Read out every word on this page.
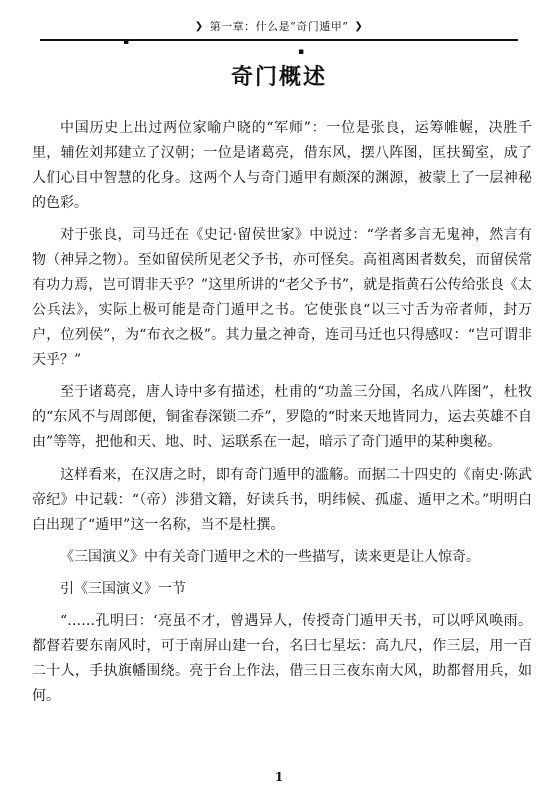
❯ 第一章：什么是“奇门遁甲” ❯
▪
▪
奇门概述

中国历史上出过两位家喻户晓的“军师”：一位是张良，运筹帷幄，决胜千里，辅佐刘邦建立了汉朝；一位是诸葛亮，借东风，摆八阵图，匡扶蜀室，成了人们心目中智慧的化身。这两个人与奇门遁甲有颇深的渊源，被蒙上了一层神秘的色彩。

对于张良，司马迁在《史记·留侯世家》中说过：“学者多言无鬼神，然言有物（神异之物）。至如留侯所见老父予书，亦可怪矣。高祖离困者数矣，而留侯常有功力焉，岂可谓非天乎？”这里所讲的“老父予书”，就是指黄石公传给张良《太公兵法》，实际上极可能是奇门遁甲之书。它使张良“以三寸舌为帝者师，封万户，位列侯”，为“布衣之极”。其力量之神奇，连司马迁也只得感叹：“岂可谓非天乎？”

至于诸葛亮，唐人诗中多有描述，杜甫的“功盖三分国，名成八阵图”，杜牧的“东风不与周郎便，铜雀春深锁二乔”，罗隐的“时来天地皆同力，运去英雄不自由”等等，把他和天、地、时、运联系在一起，暗示了奇门遁甲的某种奥秘。

这样看来，在汉唐之时，即有奇门遁甲的滥觞。而据二十四史的《南史·陈武帝纪》中记载：“（帝）涉猎文籍，好读兵书，明纬候、孤虚、遁甲之术。”明明白白出现了“遁甲”这一名称，当不是杜撰。

《三国演义》中有关奇门遁甲之术的一些描写，读来更是让人惊奇。

引《三国演义》一节

“……孔明曰：‘亮虽不才，曾遇异人，传授奇门遁甲天书，可以呼风唤雨。都督若要东南风时，可于南屏山建一台，名曰七星坛：高九尺，作三层，用一百二十人，手执旗幡围绕。亮于台上作法，借三日三夜东南大风，助都督用兵，如何。

1
